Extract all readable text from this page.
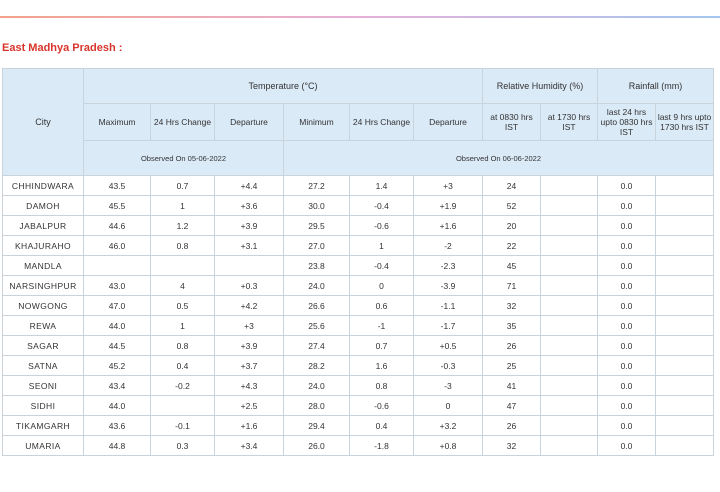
East Madhya Pradesh :
City	Temperature (°C)						Relative Humidity (%)		Rainfall (mm)	
	Maximum	24 Hrs Change	Departure	Minimum	24 Hrs Change	Departure	at 0830 hrs IST	at 1730 hrs IST	last 24 hrs upto 0830 hrs IST	last 9 hrs upto 1730 hrs IST
	Observed On 05-06-2022			Observed On 06-06-2022						
CHHINDWARA	43.5	0.7	+4.4	27.2	1.4	+3	24		0.0	
DAMOH	45.5	1	+3.6	30.0	-0.4	+1.9	52		0.0	
JABALPUR	44.6	1.2	+3.9	29.5	-0.6	+1.6	20		0.0	
KHAJURAHO	46.0	0.8	+3.1	27.0	1	-2	22		0.0	
MANDLA				23.8	-0.4	-2.3	45		0.0	
NARSINGHPUR	43.0	4	+0.3	24.0	0	-3.9	71		0.0	
NOWGONG	47.0	0.5	+4.2	26.6	0.6	-1.1	32		0.0	
REWA	44.0	1	+3	25.6	-1	-1.7	35		0.0	
SAGAR	44.5	0.8	+3.9	27.4	0.7	+0.5	26		0.0	
SATNA	45.2	0.4	+3.7	28.2	1.6	-0.3	25		0.0	
SEONI	43.4	-0.2	+4.3	24.0	0.8	-3	41		0.0	
SIDHI	44.0		+2.5	28.0	-0.6	0	47		0.0	
TIKAMGARH	43.6	-0.1	+1.6	29.4	0.4	+3.2	26		0.0	
UMARIA	44.8	0.3	+3.4	26.0	-1.8	+0.8	32		0.0	
